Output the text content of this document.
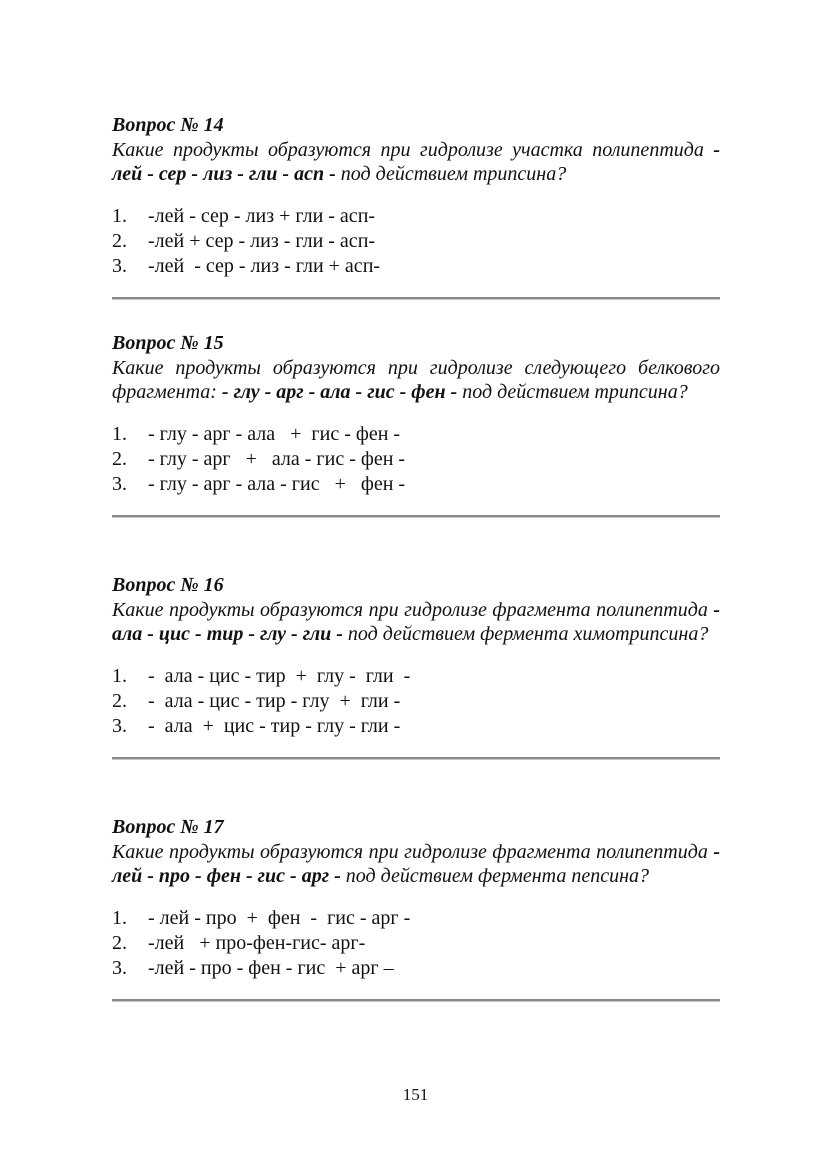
Вопрос № 14

Какие продукты образуются при гидролизе участка полипептида - лей - сер - лиз - гли - асп - под действием трипсина?

1.	-лей - сер - лиз + гли - асп-
2.	-лей + сер - лиз - гли - асп-
3.	-лей  - сер - лиз - гли + асп-

Вопрос № 15

Какие продукты образуются при гидролизе следующего белкового фрагмента: - глу - арг - ала - гис - фен - под действием трипсина?

1.	- глу - арг - ала   +  гис - фен -
2.	- глу - арг   +   ала - гис - фен -
3.	- глу - арг - ала - гис   +   фен -

Вопрос № 16

Какие продукты образуются при гидролизе фрагмента полипептида - ала - цис - тир - глу - гли - под действием фермента химотрипсина?

1.	-  ала - цис - тир  +  глу -  гли  -
2.	-  ала - цис - тир - глу  +  гли -
3.	-  ала  +  цис - тир - глу - гли -

Вопрос № 17

Какие продукты образуются при гидролизе фрагмента полипептида - лей - про - фен - гис - арг - под действием фермента пепсина?

1.	- лей - про  +  фен  -  гис - арг -
2.	-лей   + про-фен-гис- арг-
3.	-лей - про - фен - гис  + арг –
151
